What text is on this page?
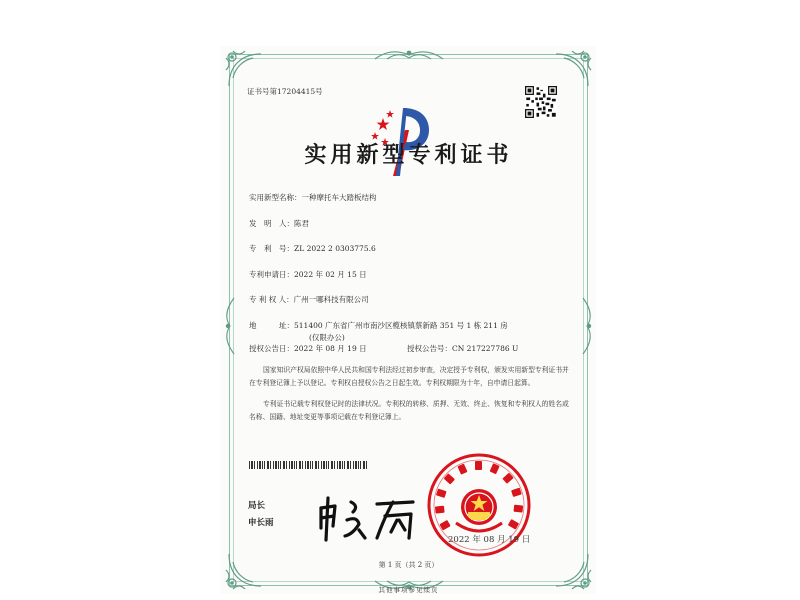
证书号第17204415号
实用新型专利证书
实用新型名称：一种摩托车大踏板结构
发　明　人：陈君
专　利　号：ZL 2022 2 0303775.6
专利申请日：2022 年 02 月 15 日
专 利 权 人：广州一哪科技有限公司
地　　　址：511400 广东省广州市南沙区榄核镇蔡新路 351 号 1 栋 211 房
(仅限办公)
授权公告日：2022 年 08 月 19 日	授权公告号：CN 217227786 U
国家知识产权局依照中华人民共和国专利法经过初步审查，决定授予专利权，颁发实用新型专利证书并在专利登记簿上予以登记。专利权自授权公告之日起生效。专利权期限为十年，自申请日起算。
专利证书记载专利权登记时的法律状况。专利权的转移、质押、无效、终止、恢复和专利权人的姓名或名称、国籍、地址变更等事项记载在专利登记簿上。
局长
申长雨
2022 年 08 月 19 日
第 1 页（共 2 页）
其他事项参见续页
